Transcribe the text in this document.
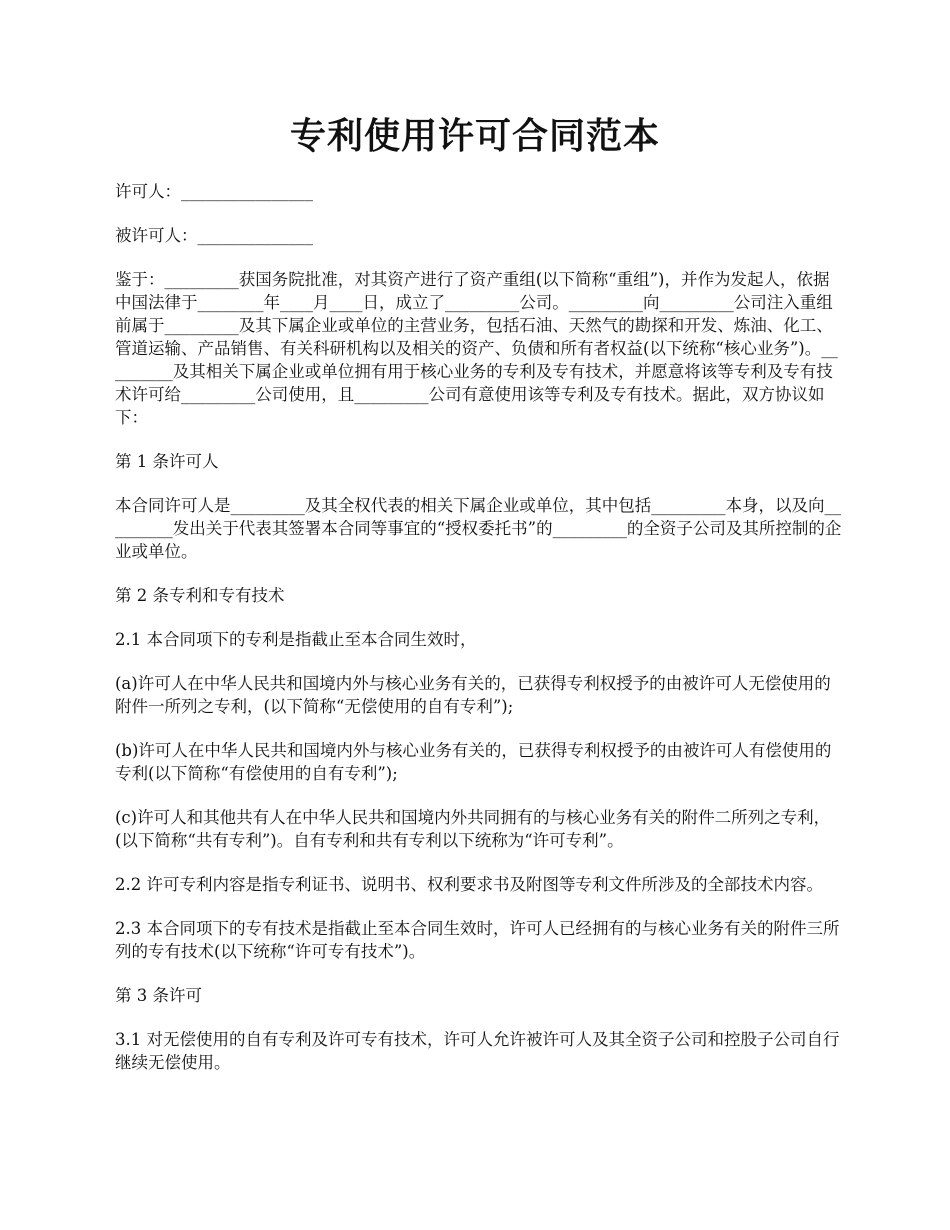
专利使用许可合同范本

许可人：________________

被许可人：______________

鉴于：_________获国务院批准，对其资产进行了资产重组(以下简称“重组”)，并作为发起人，依据中国法律于________年____月____日，成立了_________公司。_________向_________公司注入重组前属于_________及其下属企业或单位的主营业务，包括石油、天然气的勘探和开发、炼油、化工、管道运输、产品销售、有关科研机构以及相关的资产、负债和所有者权益(以下统称“核心业务”)。_________及其相关下属企业或单位拥有用于核心业务的专利及专有技术，并愿意将该等专利及专有技术许可给_________公司使用，且_________公司有意使用该等专利及专有技术。据此，双方协议如下：

第 1 条许可人

本合同许可人是_________及其全权代表的相关下属企业或单位，其中包括_________本身，以及向_________发出关于代表其签署本合同等事宜的“授权委托书”的_________的全资子公司及其所控制的企业或单位。

第 2 条专利和专有技术

2.1 本合同项下的专利是指截止至本合同生效时，

(a)许可人在中华人民共和国境内外与核心业务有关的，已获得专利权授予的由被许可人无偿使用的附件一所列之专利，(以下简称“无偿使用的自有专利”);

(b)许可人在中华人民共和国境内外与核心业务有关的，已获得专利权授予的由被许可人有偿使用的专利(以下简称“有偿使用的自有专利”);

(c)许可人和其他共有人在中华人民共和国境内外共同拥有的与核心业务有关的附件二所列之专利，(以下简称“共有专利”)。自有专利和共有专利以下统称为“许可专利”。

2.2 许可专利内容是指专利证书、说明书、权利要求书及附图等专利文件所涉及的全部技术内容。

2.3 本合同项下的专有技术是指截止至本合同生效时，许可人已经拥有的与核心业务有关的附件三所列的专有技术(以下统称“许可专有技术”)。

第 3 条许可

3.1 对无偿使用的自有专利及许可专有技术，许可人允许被许可人及其全资子公司和控股子公司自行继续无偿使用。
